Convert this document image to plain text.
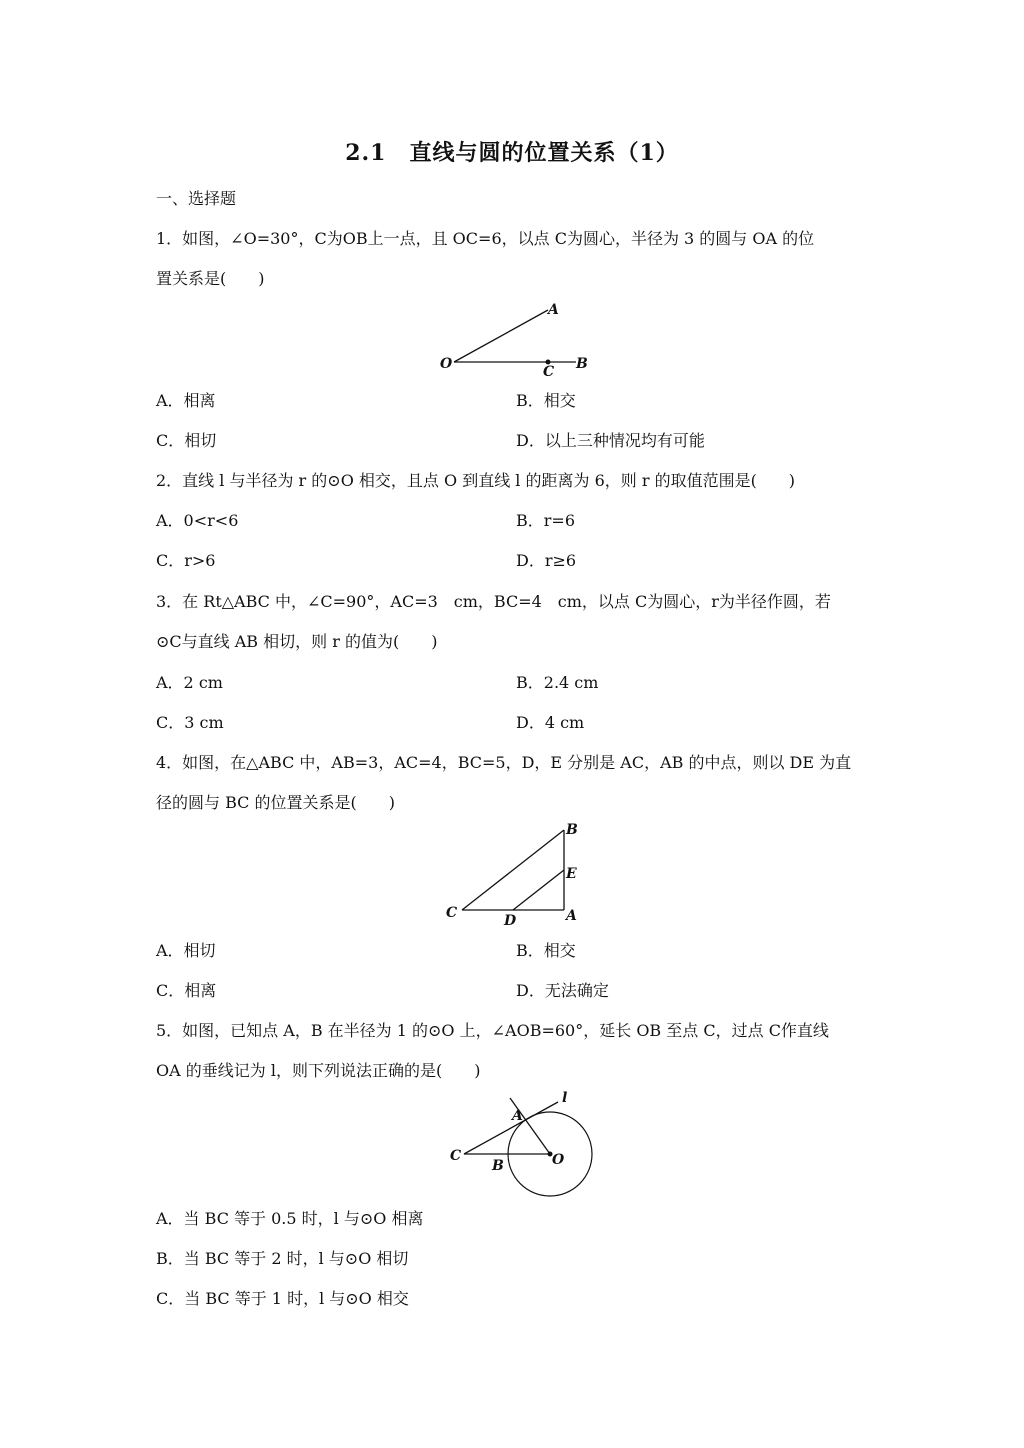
2.1　直线与圆的位置关系（1）
一、选择题
1．如图，∠O=30°，C为OB上一点，且 OC=6，以点 C为圆心，半径为 3 的圆与 OA 的位
置关系是(　　)
O
A
B
C
A．相离	B．相交
C．相切	D．以上三种情况均有可能
2．直线 l 与半径为 r 的⊙O 相交，且点 O 到直线 l 的距离为 6，则 r 的取值范围是(　　)
A．0<r<6	B．r=6
C．r>6	D．r≥6
3．在 Rt△ABC 中，∠C=90°，AC=3　cm，BC=4　cm，以点 C为圆心，r为半径作圆，若
⊙C与直线 AB 相切，则 r 的值为(　　)
A．2 cm	B．2.4 cm
C．3 cm	D．4 cm
4．如图，在△ABC 中，AB=3，AC=4，BC=5，D，E 分别是 AC，AB 的中点，则以 DE 为直
径的圆与 BC 的位置关系是(　　)
B
E
A
C	D
A．相切	B．相交
C．相离	D．无法确定
5．如图，已知点 A，B 在半径为 1 的⊙O 上，∠AOB=60°，延长 OB 至点 C，过点 C作直线
OA 的垂线记为 l，则下列说法正确的是(　　)
l
A
C
B	O
A．当 BC 等于 0.5 时，l 与⊙O 相离
B．当 BC 等于 2 时，l 与⊙O 相切
C．当 BC 等于 1 时，l 与⊙O 相交
